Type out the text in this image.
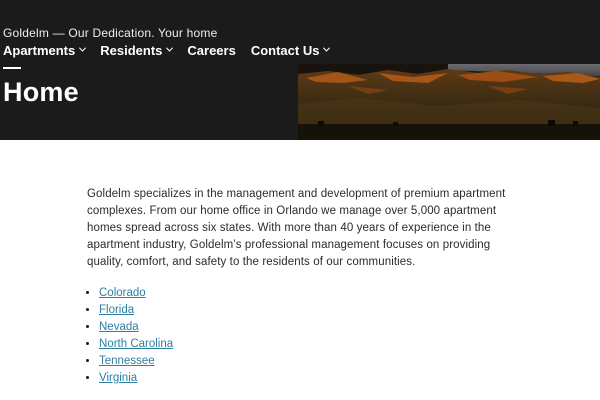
Goldelm — Our Dedication. Your home
Apartments Residents Careers Contact Us
Home

Goldelm specializes in the management and development of premium apartment complexes. From our home office in Orlando we manage over 5,000 apartment homes spread across six states. With more than 40 years of experience in the apartment industry, Goldelm’s professional management focuses on providing quality, comfort, and safety to the residents of our communities.

• Colorado
• Florida
• Nevada
• North Carolina
• Tennessee
• Virginia
